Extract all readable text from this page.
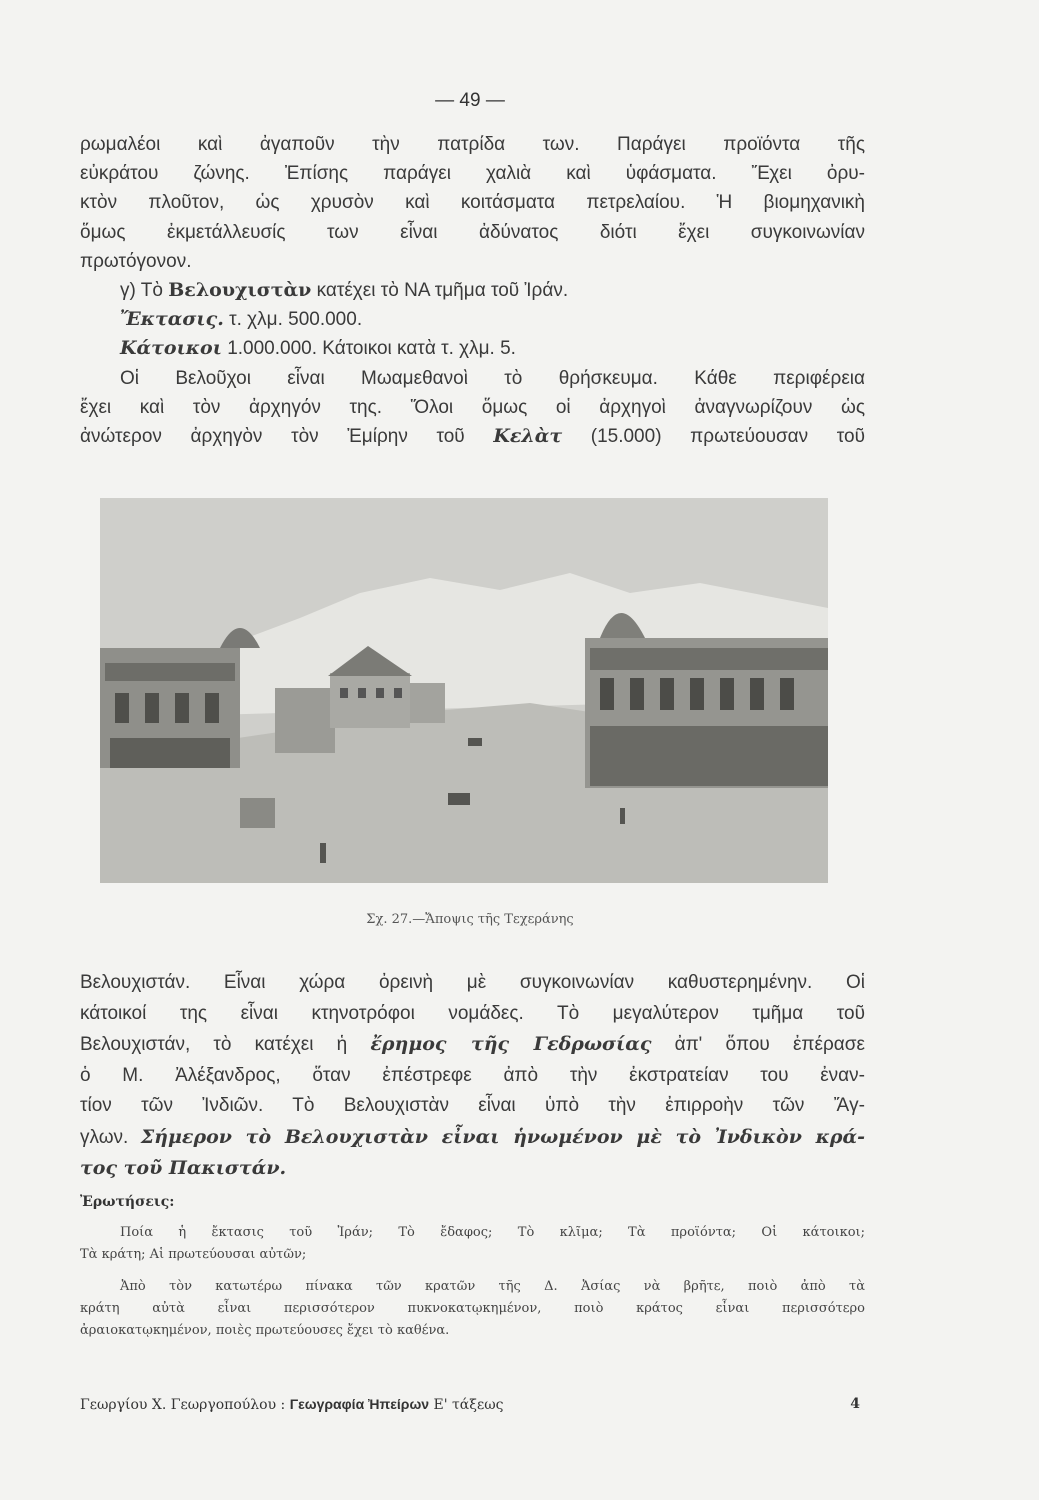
— 49 —

ρωμαλέοι καὶ ἀγαποῦν τὴν πατρίδα των. Παράγει προϊόντα τῆς

εὐκράτου ζώνης. Ἐπίσης παράγει χαλιὰ καὶ ὑφάσματα. Ἔχει ὀρυ-

κτὸν πλοῦτον, ὡς χρυσὸν καὶ κοιτάσματα πετρελαίου. Ἡ βιομηχανικὴ

ὅμως ἐκμετάλλευσίς των εἶναι ἀδύνατος διότι ἔχει συγκοινωνίαν

πρωτόγονον.

γ) Τὸ Βελουχιστὰν κατέχει τὸ ΝΑ τμῆμα τοῦ Ἰράν.

Ἔκτασις. τ. χλμ. 500.000.

Κάτοικοι 1.000.000. Κάτοικοι κατὰ τ. χλμ. 5.

Οἱ Βελοῦχοι εἶναι Μωαμεθανοὶ τὸ θρήσκευμα. Κάθε περιφέρεια

ἔχει καὶ τὸν ἀρχηγόν της. Ὅλοι ὅμως οἱ ἀρχηγοὶ ἀναγνωρίζουν ὡς

ἀνώτερον ἀρχηγὸν τὸν Ἐμίρην τοῦ Κελὰτ (15.000) πρωτεύουσαν τοῦ

Σχ. 27.—Ἄποψις τῆς Τεχεράνης

Βελουχιστάν. Εἶναι χώρα ὀρεινὴ μὲ συγκοινωνίαν καθυστερημένην. Οἱ

κάτοικοί της εἶναι κτηνοτρόφοι νομάδες. Τὸ μεγαλύτερον τμῆμα τοῦ

Βελουχιστάν, τὸ κατέχει ἡ ἔρημος τῆς Γεδρωσίας ἀπ' ὅπου ἐπέρασε

ὁ Μ. Ἀλέξανδρος, ὅταν ἐπέστρεφε ἀπὸ τὴν ἐκστρατείαν του ἐναν-

τίον τῶν Ἰνδιῶν. Τὸ Βελουχιστὰν εἶναι ὑπὸ τὴν ἐπιρροὴν τῶν Ἄγ-

γλων. Σήμερον τὸ Βελουχιστὰν εἶναι ἡνωμένον μὲ τὸ Ἰνδικὸν κρά-

τος τοῦ Πακιστάν.

Ἐρωτήσεις:
Ποία ἡ ἔκτασις τοῦ Ἰράν; Τὸ ἔδαφος; Τὸ κλῖμα; Τὰ προϊόντα; Οἱ κάτοικοι;
Τὰ κράτη; Αἱ πρωτεύουσαι αὐτῶν;
Ἀπὸ τὸν κατωτέρω πίνακα τῶν κρατῶν τῆς Δ. Ἀσίας νὰ βρῆτε, ποιὸ ἀπὸ τὰ
κράτη αὐτὰ εἶναι περισσότερον πυκνοκατῳκημένον, ποιὸ κράτος εἶναι περισσότερο
ἀραιοκατῳκημένον, ποιὲς πρωτεύουσες ἔχει τὸ καθένα.
Γεωργίου Χ. Γεωργοπούλου : Γεωγραφία Ἠπείρων Ε' τάξεως	4
